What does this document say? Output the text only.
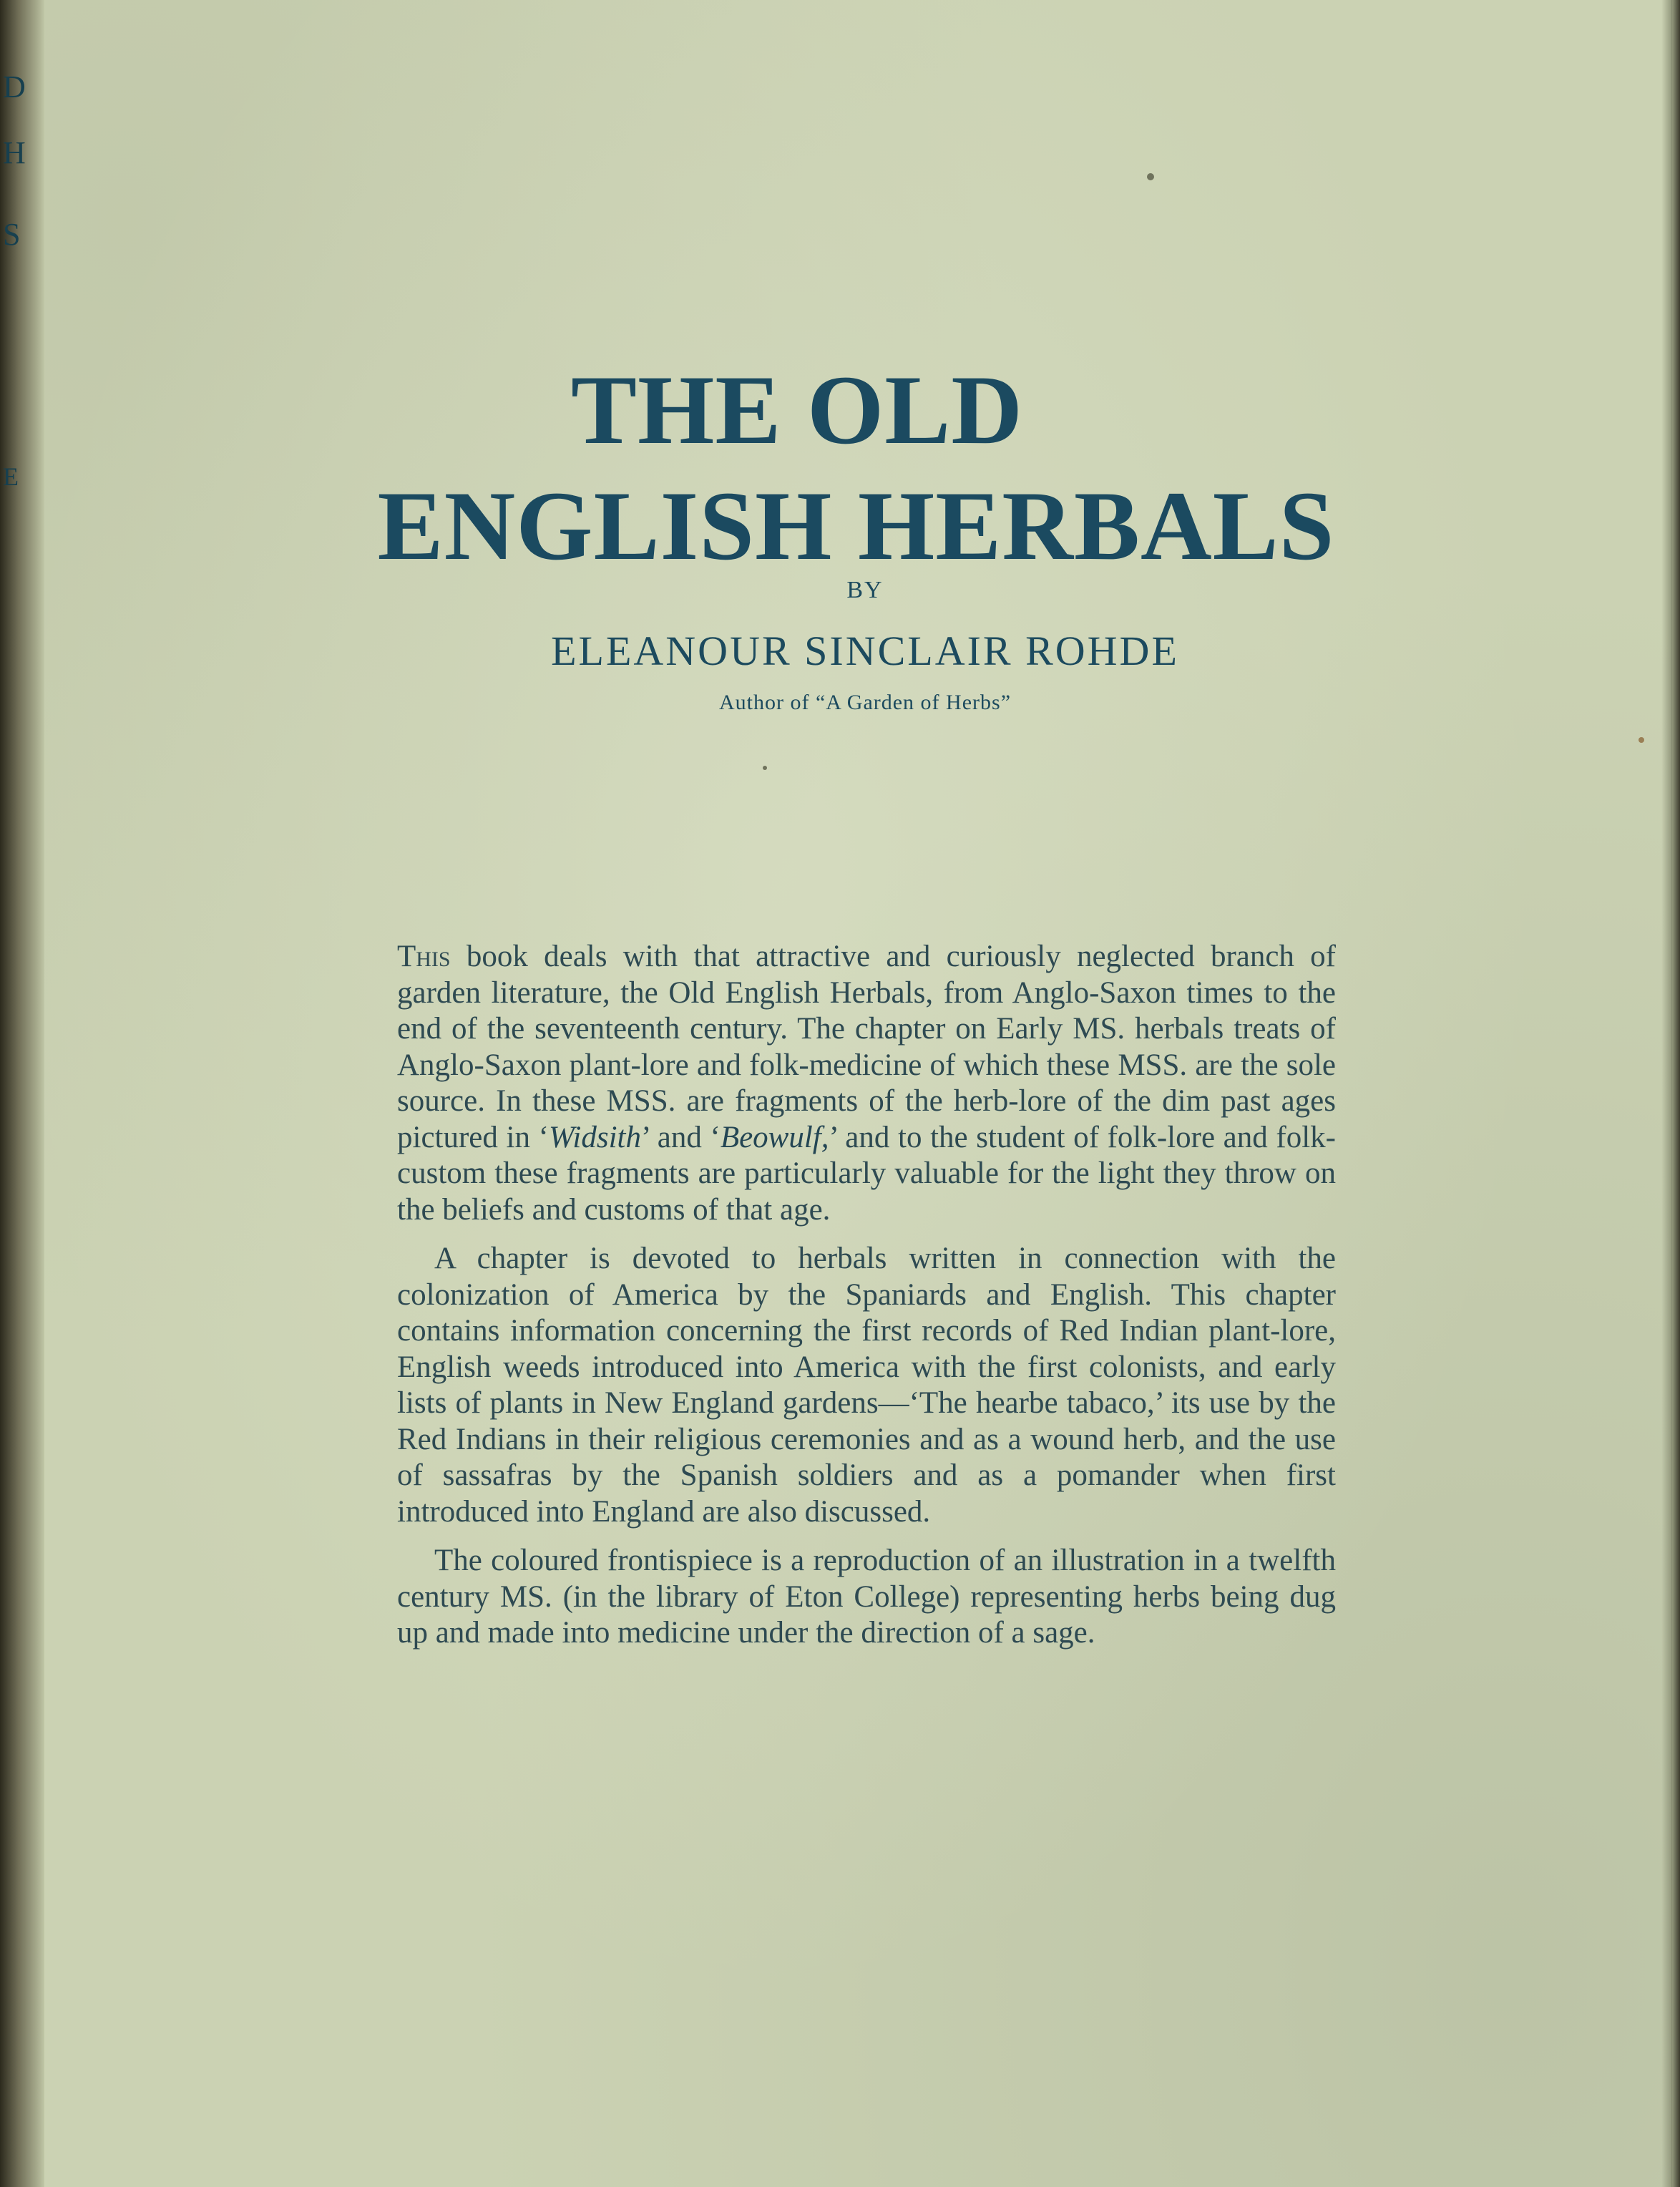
D
H
S
E
THE OLD
ENGLISH HERBALS
BY
ELEANOUR SINCLAIR ROHDE
Author of “A Garden of Herbs”

This book deals with that attractive and curiously neglected branch of garden literature, the Old English Herbals, from Anglo-Saxon times to the end of the seventeenth century. The chapter on Early MS. herbals treats of Anglo-Saxon plant-lore and folk-medicine of which these MSS. are the sole source. In these MSS. are fragments of the herb-lore of the dim past ages pictured in ‘Widsith’ and ‘Beowulf,’ and to the student of folk-lore and folk-custom these fragments are particularly valuable for the light they throw on the beliefs and customs of that age.

A chapter is devoted to herbals written in connection with the colonization of America by the Spaniards and English. This chapter contains information concerning the first records of Red Indian plant-lore, English weeds introduced into America with the first colonists, and early lists of plants in New England gardens—‘The hearbe tabaco,’ its use by the Red Indians in their religious ceremonies and as a wound herb, and the use of sassafras by the Spanish soldiers and as a pomander when first introduced into England are also discussed.

The coloured frontispiece is a reproduction of an illustration in a twelfth century MS. (in the library of Eton College) representing herbs being dug up and made into medicine under the direction of a sage.
